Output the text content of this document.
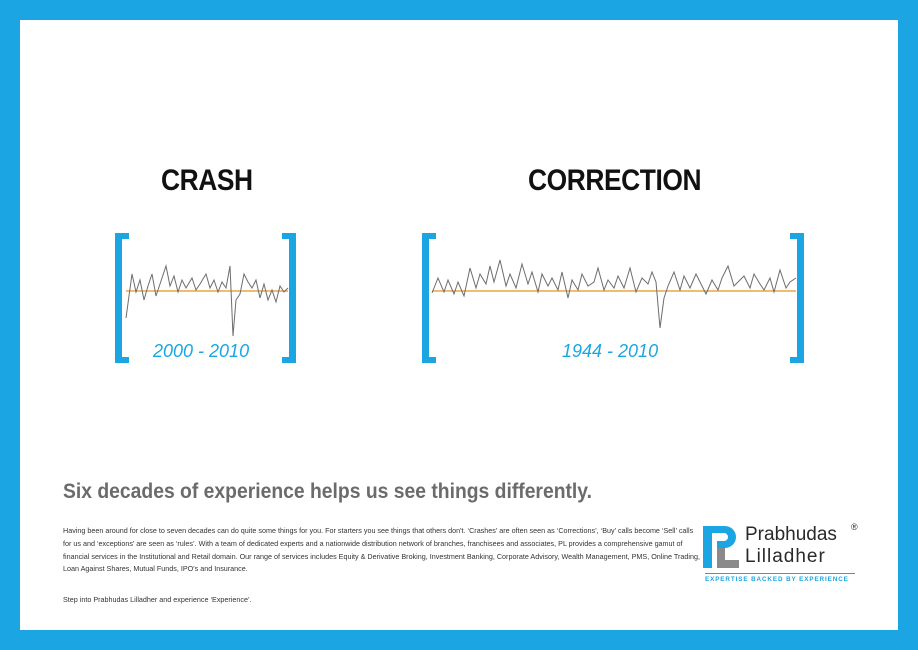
CRASH
2000 - 2010
CORRECTION
1944 - 2010
Six decades of experience helps us see things differently.

Having been around for close to seven decades can do quite some things for you. For starters you see things that others don't. ‘Crashes’ are often seen as ‘Corrections’, ‘Buy’ calls become ‘Sell’ calls for us and ‘exceptions’ are seen as ‘rules’. With a team of dedicated experts and a nationwide distribution network of branches, franchisees and associates, PL provides a comprehensive gamut of financial services in the Institutional and Retail domain. Our range of services includes Equity & Derivative Broking, Investment Banking, Corporate Advisory, Wealth Management, PMS, Online Trading, Loan Against Shares, Mutual Funds, IPO's and Insurance.

Step into Prabhudas Lilladher and experience ‘Experience’.

Prabhudas ®
Lilladher
EXPERTISE BACKED BY EXPERIENCE
